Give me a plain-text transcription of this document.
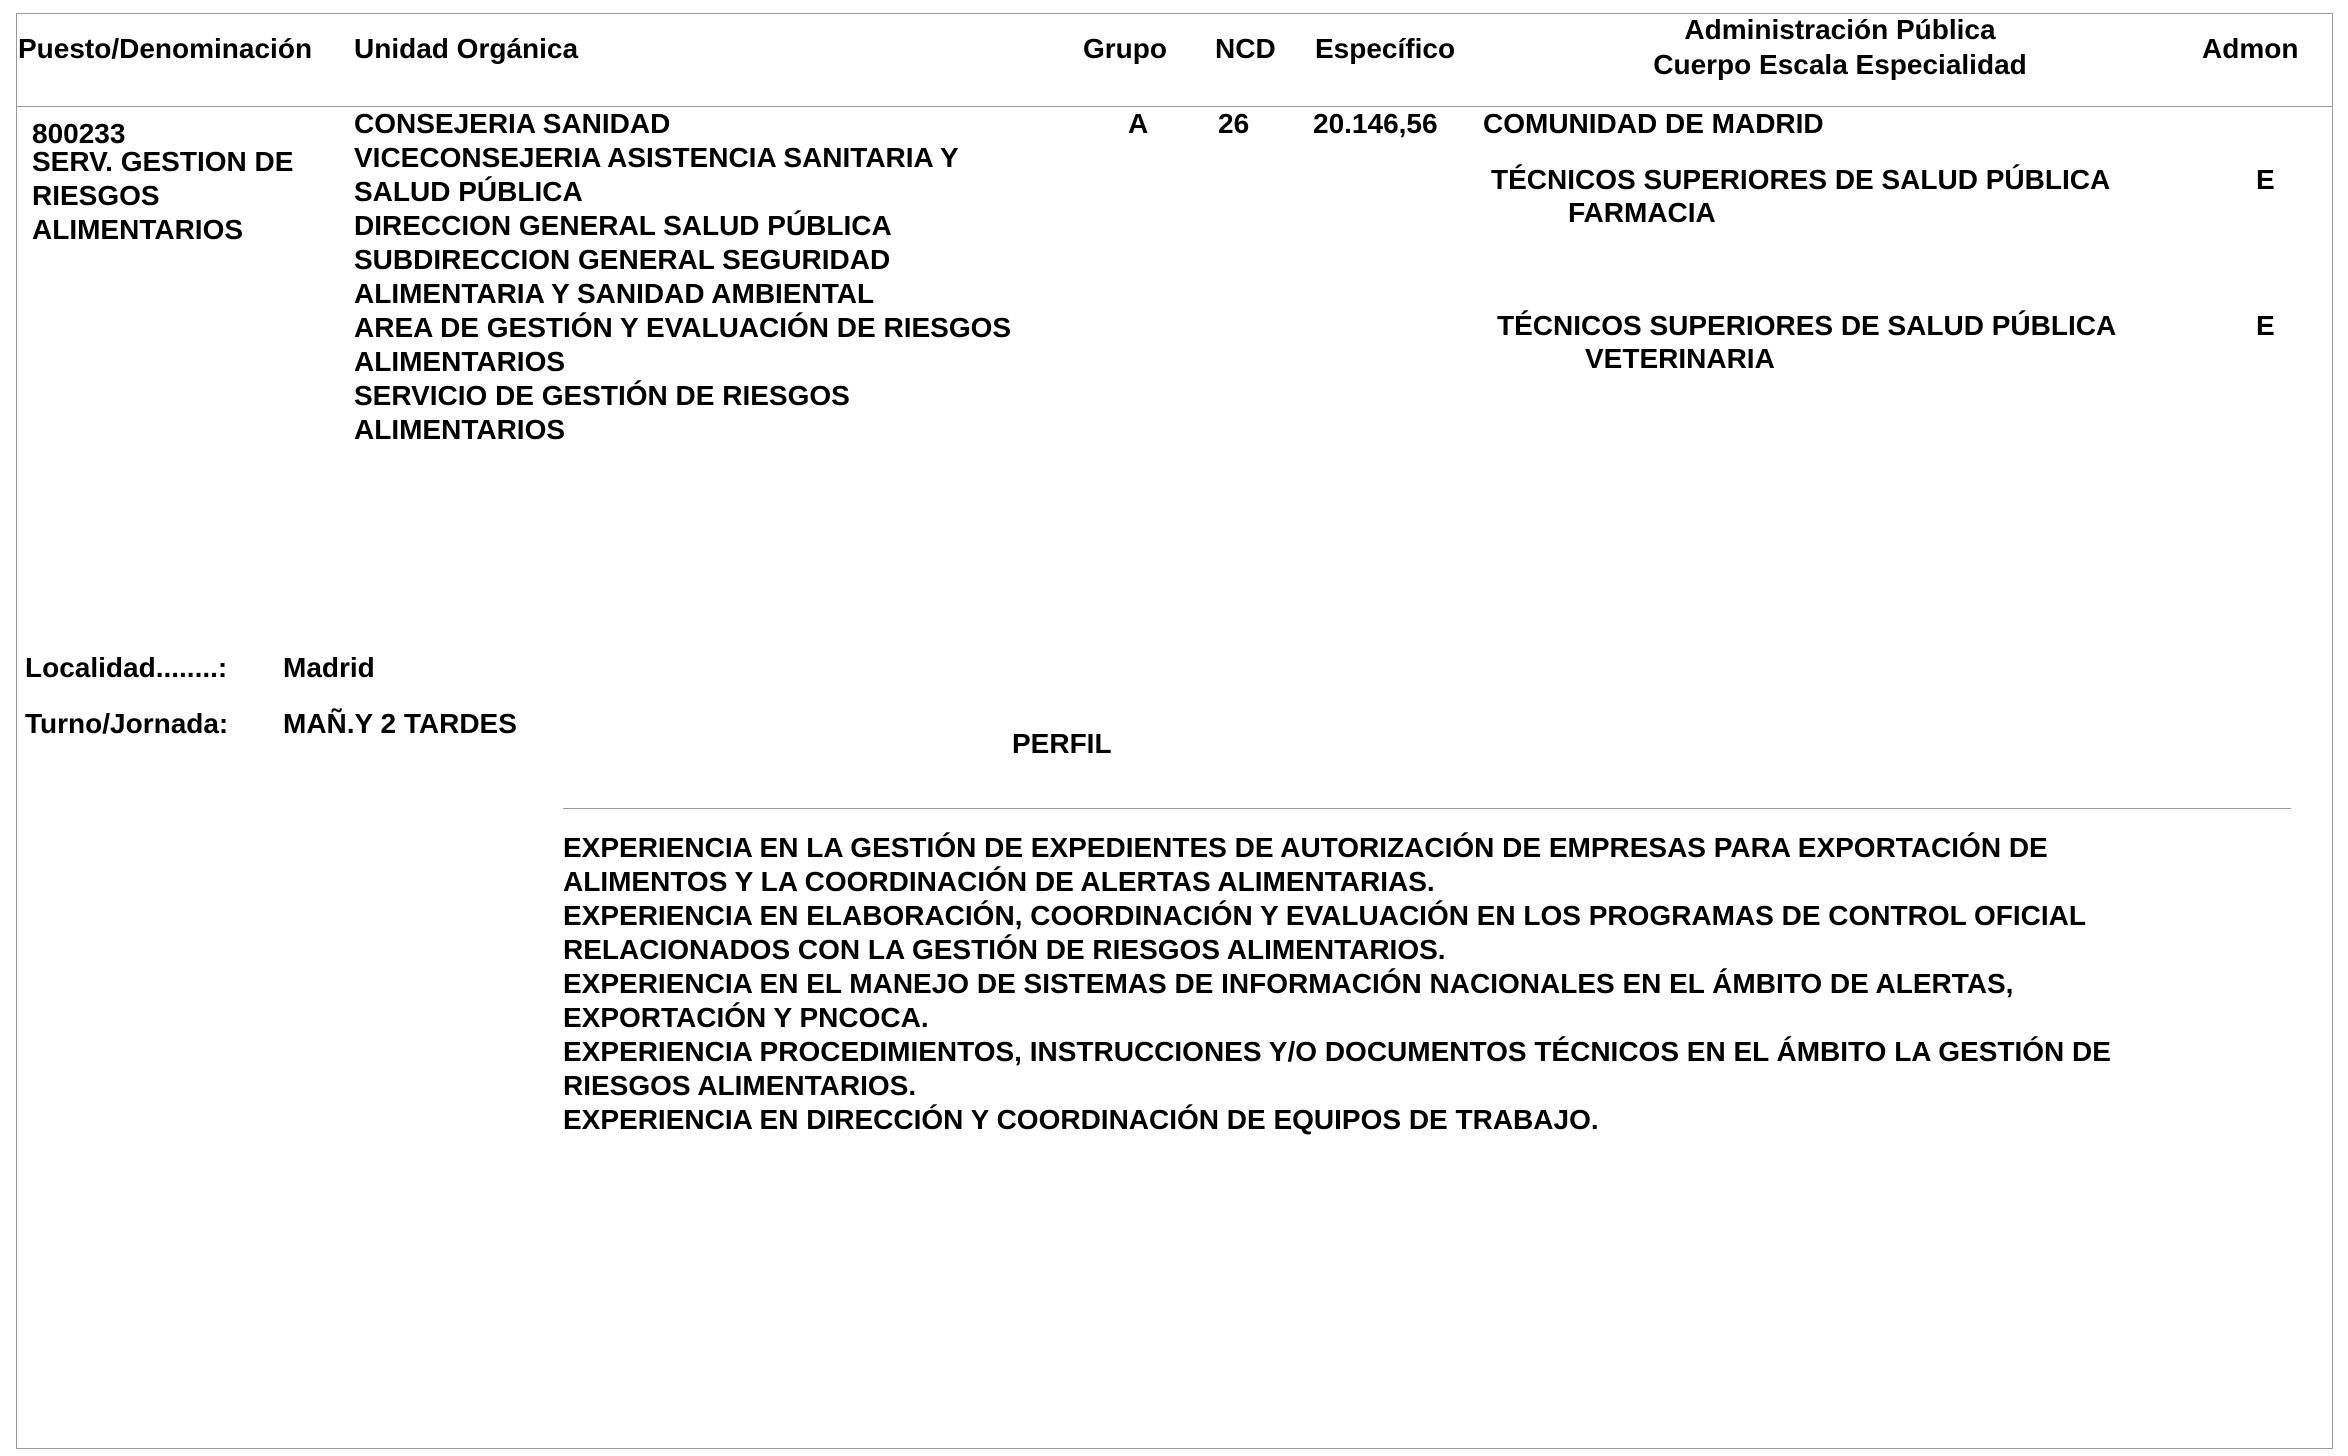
Puesto/Denominación Unidad Orgánica	Grupo NCD Específico
Administración Pública
Cuerpo Escala Especialidad
Admon
800233
SERV. GESTION DE
RIESGOS
ALIMENTARIOS
CONSEJERIA SANIDAD
VICECONSEJERIA ASISTENCIA SANITARIA Y
SALUD PÚBLICA
DIRECCION GENERAL SALUD PÚBLICA
SUBDIRECCION GENERAL SEGURIDAD
ALIMENTARIA Y SANIDAD AMBIENTAL
AREA DE GESTIÓN Y EVALUACIÓN DE RIESGOS
ALIMENTARIOS
SERVICIO DE GESTIÓN DE RIESGOS
ALIMENTARIOS
A 26 20.146,56 COMUNIDAD DE MADRID
TÉCNICOS SUPERIORES DE SALUD PÚBLICA
FARMACIA
E
TÉCNICOS SUPERIORES DE SALUD PÚBLICA
VETERINARIA
E
Localidad........: Madrid
Turno/Jornada: MAÑ.Y 2 TARDES
PERFIL
EXPERIENCIA EN LA GESTIÓN DE EXPEDIENTES DE AUTORIZACIÓN DE EMPRESAS PARA EXPORTACIÓN DE
ALIMENTOS Y LA COORDINACIÓN DE ALERTAS ALIMENTARIAS.
EXPERIENCIA EN ELABORACIÓN, COORDINACIÓN Y EVALUACIÓN EN LOS PROGRAMAS DE CONTROL OFICIAL
RELACIONADOS CON LA GESTIÓN DE RIESGOS ALIMENTARIOS.
EXPERIENCIA EN EL MANEJO DE SISTEMAS DE INFORMACIÓN NACIONALES EN EL ÁMBITO DE ALERTAS,
EXPORTACIÓN Y PNCOCA.
EXPERIENCIA PROCEDIMIENTOS, INSTRUCCIONES Y/O DOCUMENTOS TÉCNICOS EN EL ÁMBITO LA GESTIÓN DE
RIESGOS ALIMENTARIOS.
EXPERIENCIA EN DIRECCIÓN Y COORDINACIÓN DE EQUIPOS DE TRABAJO.
